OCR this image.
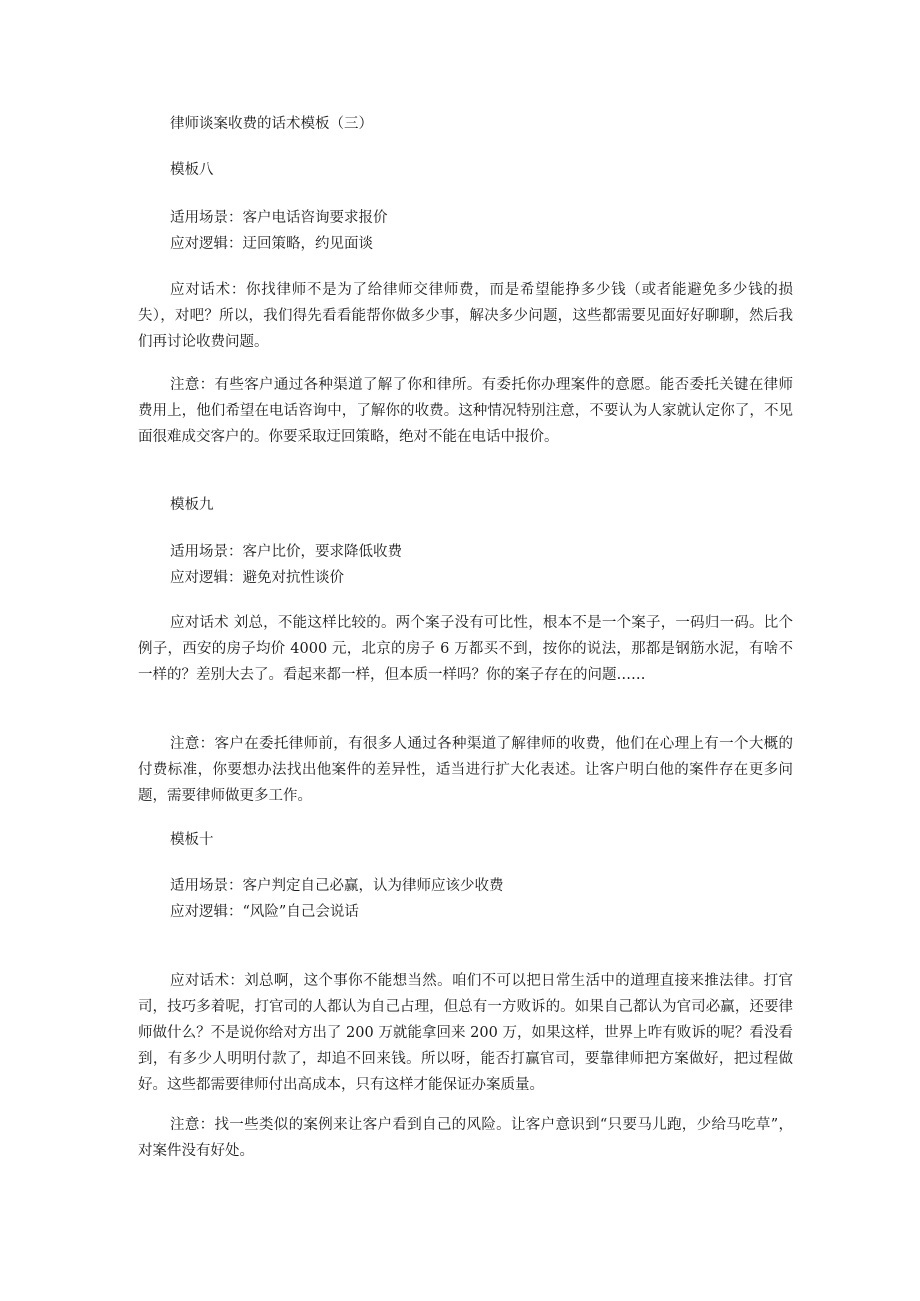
律师谈案收费的话术模板（三）
模板八
适用场景：客户电话咨询要求报价
应对逻辑：迂回策略，约见面谈

应对话术：你找律师不是为了给律师交律师费，而是希望能挣多少钱（或者能避免多少钱的损失），对吧？所以，我们得先看看能帮你做多少事，解决多少问题，这些都需要见面好好聊聊，然后我们再讨论收费问题。

注意：有些客户通过各种渠道了解了你和律所。有委托你办理案件的意愿。能否委托关键在律师费用上，他们希望在电话咨询中，了解你的收费。这种情况特别注意，不要认为人家就认定你了，不见面很难成交客户的。你要采取迂回策略，绝对不能在电话中报价。

模板九
适用场景：客户比价，要求降低收费
应对逻辑：避免对抗性谈价

应对话术 刘总，不能这样比较的。两个案子没有可比性，根本不是一个案子，一码归一码。比个例子，西安的房子均价 4000 元，北京的房子 6 万都买不到，按你的说法，那都是钢筋水泥，有啥不一样的？差别大去了。看起来都一样，但本质一样吗？你的案子存在的问题……

注意：客户在委托律师前，有很多人通过各种渠道了解律师的收费，他们在心理上有一个大概的付费标准，你要想办法找出他案件的差异性，适当进行扩大化表述。让客户明白他的案件存在更多问题，需要律师做更多工作。

模板十
适用场景：客户判定自己必赢，认为律师应该少收费
应对逻辑：“风险”自己会说话

应对话术：刘总啊，这个事你不能想当然。咱们不可以把日常生活中的道理直接来推法律。打官司，技巧多着呢，打官司的人都认为自己占理，但总有一方败诉的。如果自己都认为官司必赢，还要律师做什么？不是说你给对方出了 200 万就能拿回来 200 万，如果这样，世界上咋有败诉的呢？看没看到，有多少人明明付款了，却追不回来钱。所以呀，能否打赢官司，要靠律师把方案做好，把过程做好。这些都需要律师付出高成本，只有这样才能保证办案质量。

注意：找一些类似的案例来让客户看到自己的风险。让客户意识到“只要马儿跑，少给马吃草”，对案件没有好处。
